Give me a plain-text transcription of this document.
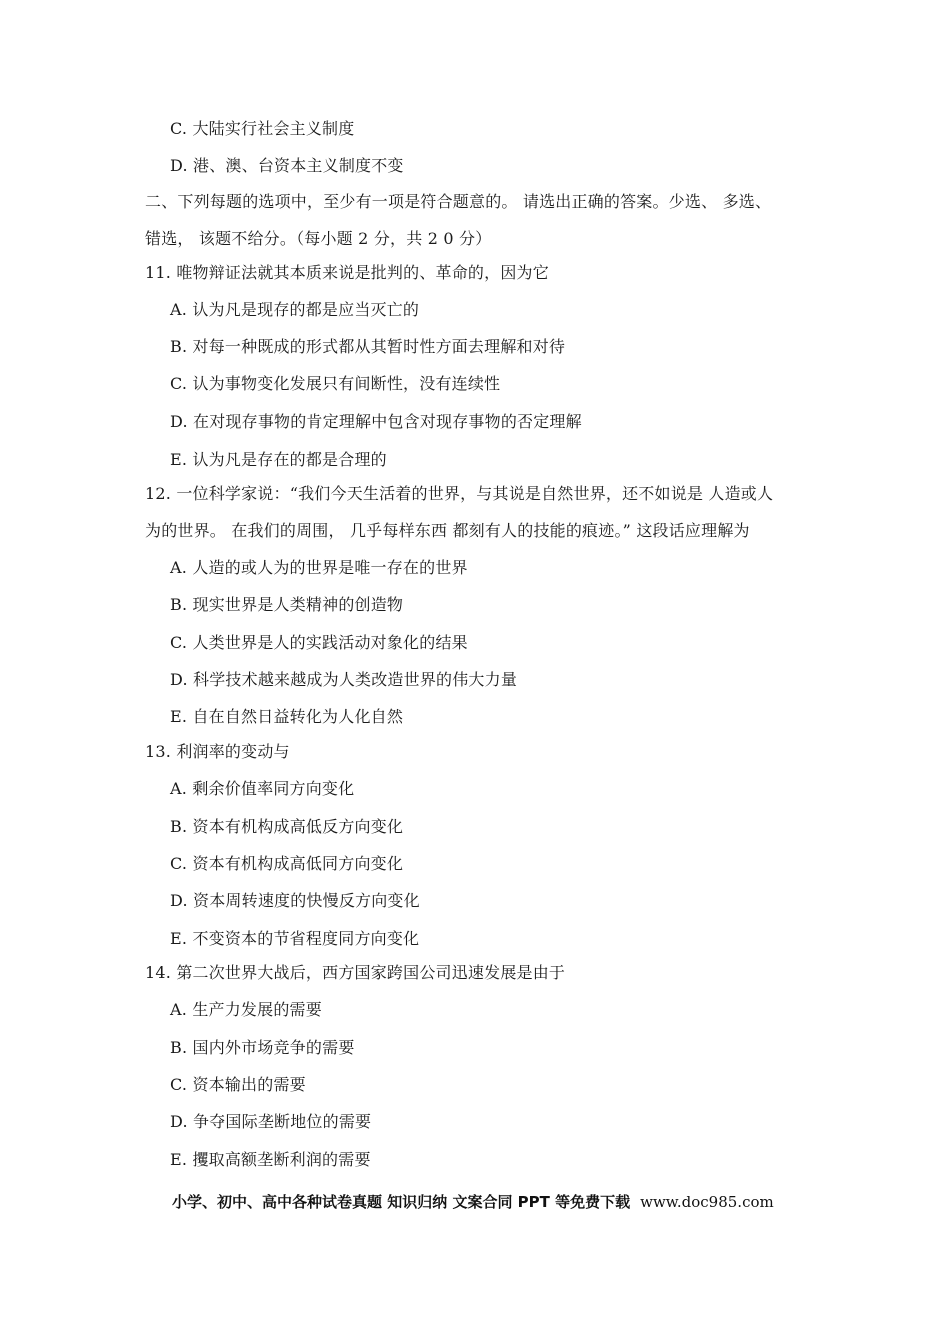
C. 大陆实行社会主义制度
D. 港、澳、台资本主义制度不变
二、下列每题的选项中，至少有一项是符合题意的。 请选出正确的答案。少选、 多选、
错选， 该题不给分。（每小题 2 分，共 2 0 分）
11. 唯物辩证法就其本质来说是批判的、革命的，因为它
A. 认为凡是现存的都是应当灭亡的
B. 对每一种既成的形式都从其暂时性方面去理解和对待
C. 认为事物变化发展只有间断性，没有连续性
D. 在对现存事物的肯定理解中包含对现存事物的否定理解
E. 认为凡是存在的都是合理的
12. 一位科学家说：“我们今天生活着的世界，与其说是自然世界，还不如说是 人造或人
为的世界。 在我们的周围， 几乎每样东西 都刻有人的技能的痕迹。” 这段话应理解为
A. 人造的或人为的世界是唯一存在的世界
B. 现实世界是人类精神的创造物
C. 人类世界是人的实践活动对象化的结果
D. 科学技术越来越成为人类改造世界的伟大力量
E. 自在自然日益转化为人化自然
13. 利润率的变动与
A. 剩余价值率同方向变化
B. 资本有机构成高低反方向变化
C. 资本有机构成高低同方向变化
D. 资本周转速度的快慢反方向变化
E. 不变资本的节省程度同方向变化
14. 第二次世界大战后，西方国家跨国公司迅速发展是由于
A. 生产力发展的需要
B. 国内外市场竞争的需要
C. 资本输出的需要
D. 争夺国际垄断地位的需要
E. 攫取高额垄断利润的需要
小学、初中、高中各种试卷真题 知识归纳 文案合同 PPT 等免费下载 www.doc985.com
